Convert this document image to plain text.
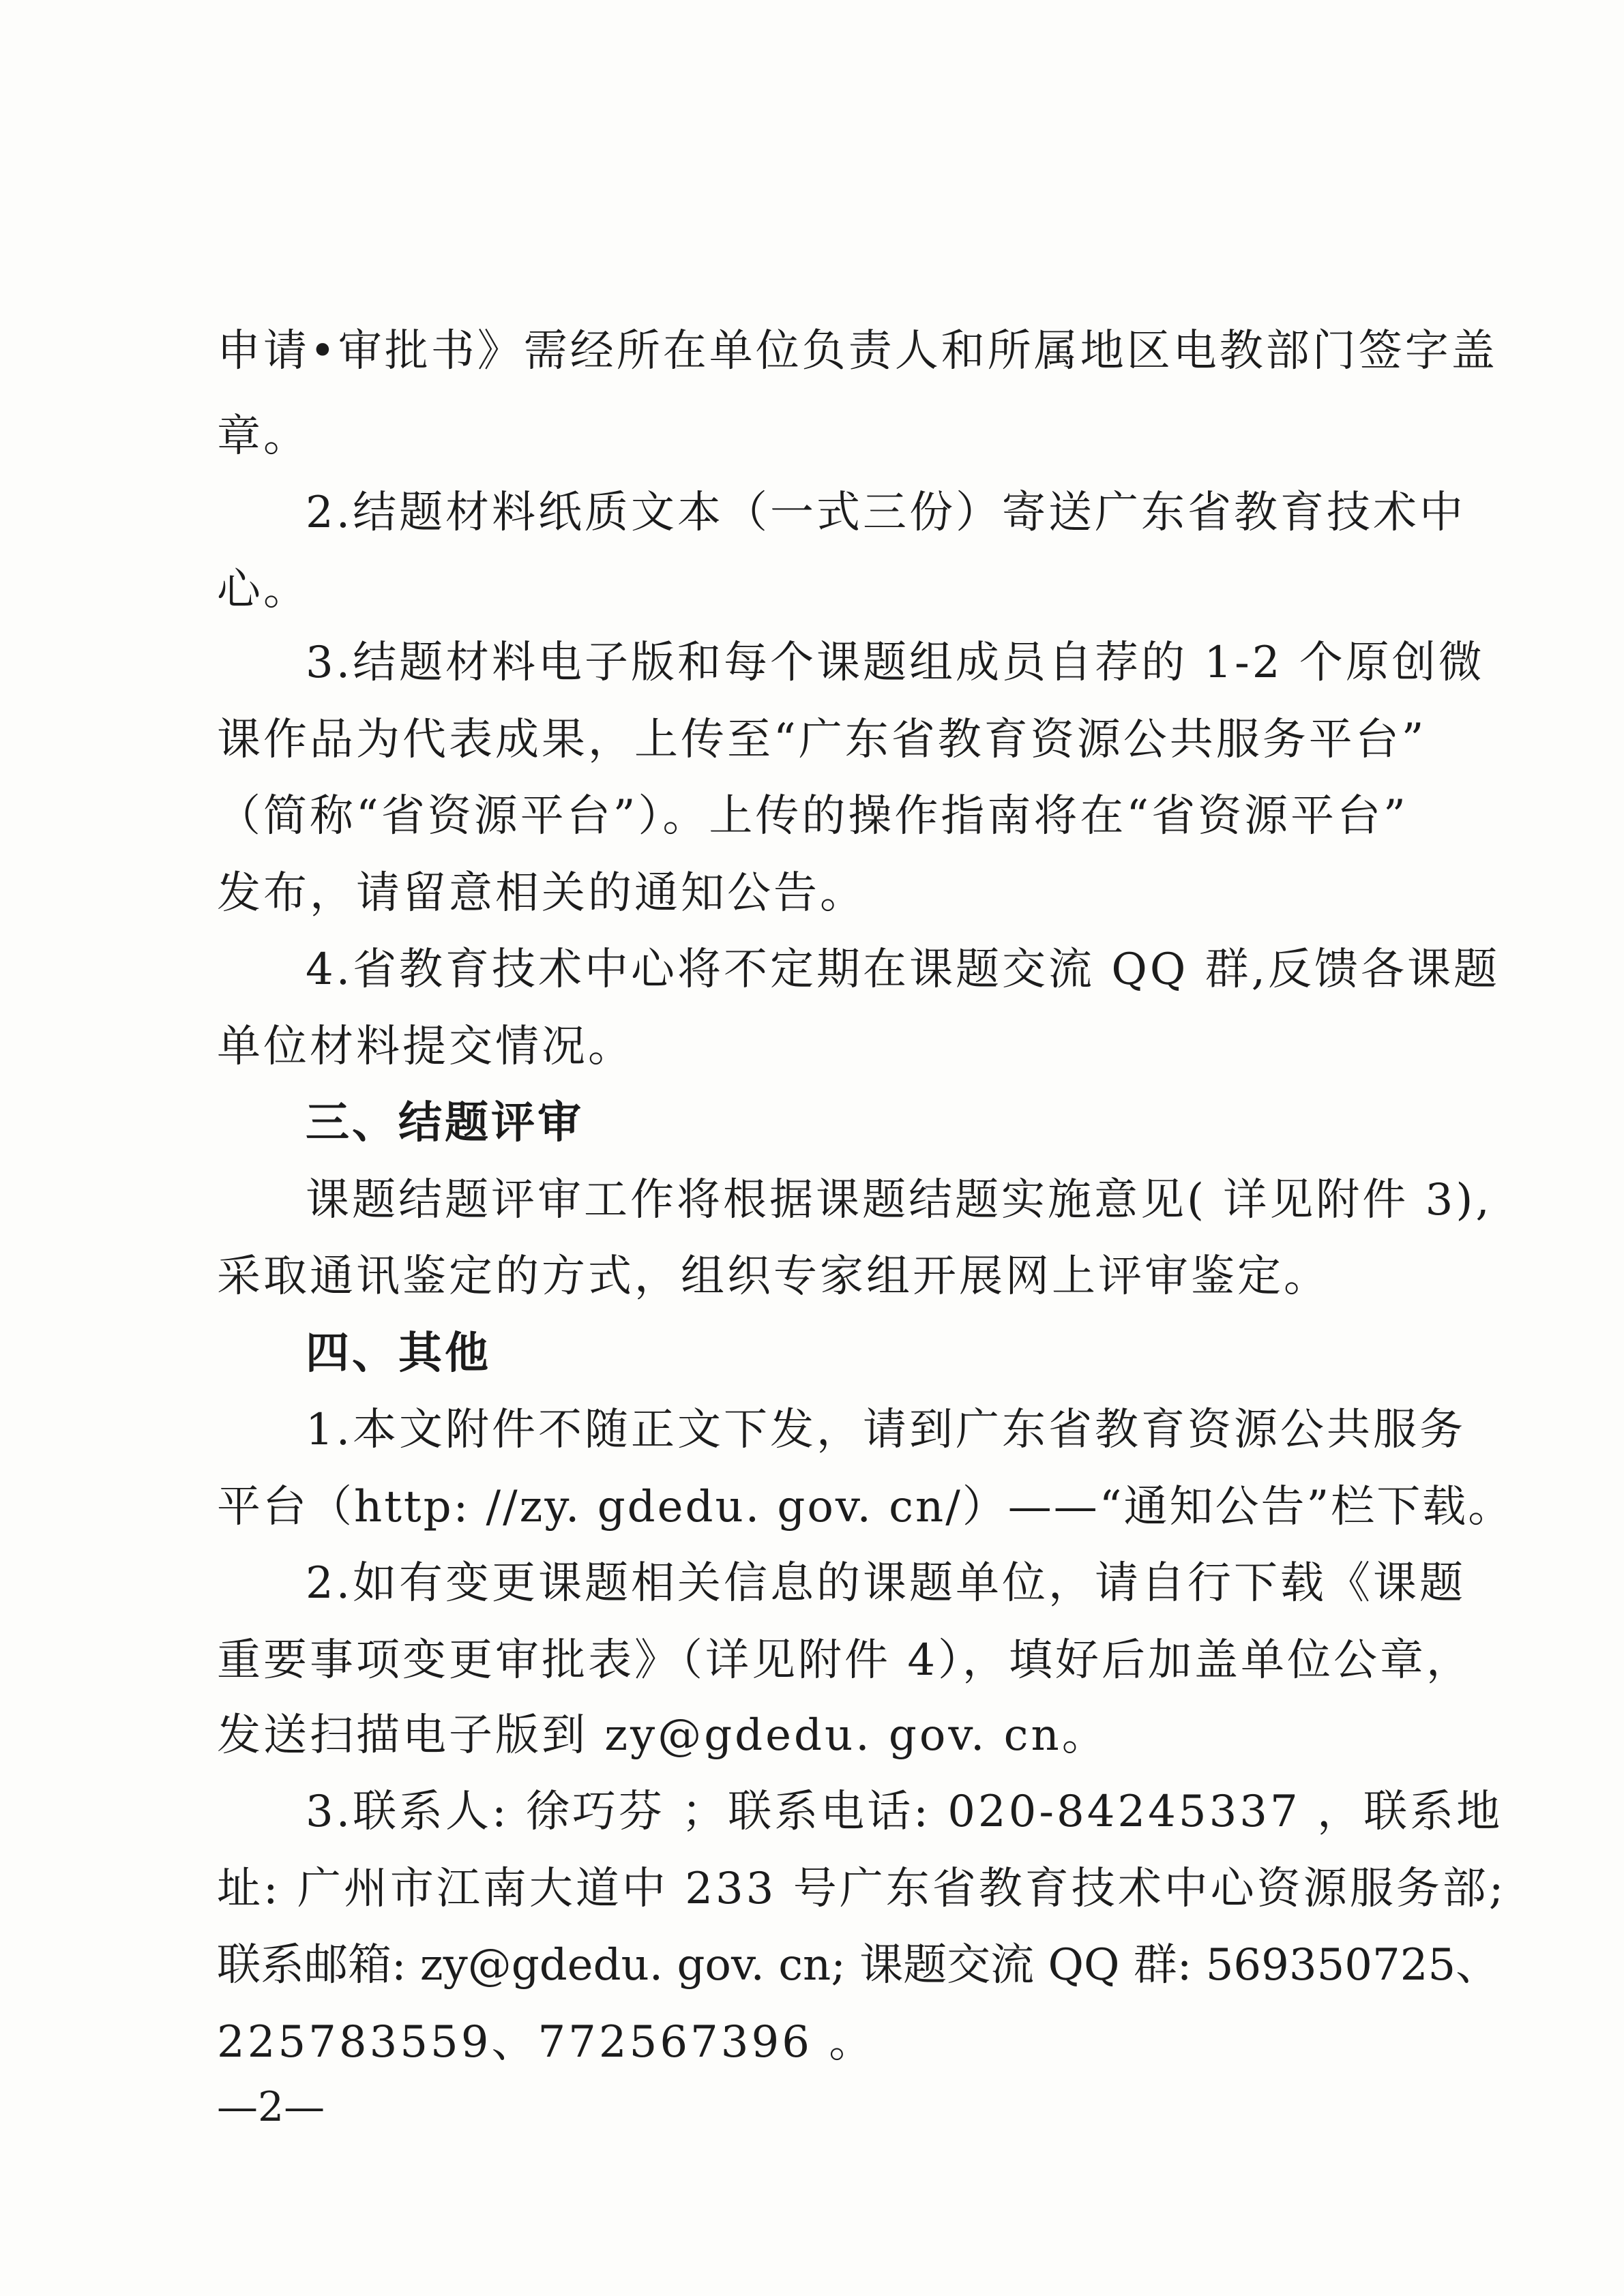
申请•审批书》需经所在单位负责人和所属地区电教部门签字盖
章。
2.结题材料纸质文本（一式三份）寄送广东省教育技术中
心。
3.结题材料电子版和每个课题组成员自荐的 1-2 个原创微
课作品为代表成果，上传至“广东省教育资源公共服务平台”
（简称“省资源平台”）。上传的操作指南将在“省资源平台”
发布，请留意相关的通知公告。
4.省教育技术中心将不定期在课题交流 QQ 群,反馈各课题
单位材料提交情况。
三、结题评审
课题结题评审工作将根据课题结题实施意见( 详见附件 3),
采取通讯鉴定的方式，组织专家组开展网上评审鉴定。
四、其他
1.本文附件不随正文下发，请到广东省教育资源公共服务
平台（http: //zy. gdedu. gov. cn/）——“通知公告”栏下载。
2.如有变更课题相关信息的课题单位，请自行下载《课题
重要事项变更审批表》（详见附件 4），填好后加盖单位公章，
发送扫描电子版到 zy@gdedu. gov. cn。
3.联系人: 徐巧芬 ；联系电话: 020-84245337 ，联系地
址: 广州市江南大道中 233 号广东省教育技术中心资源服务部;
联系邮箱: zy@gdedu. gov. cn; 课题交流 QQ 群: 569350725、
225783559、772567396 。
—2—
